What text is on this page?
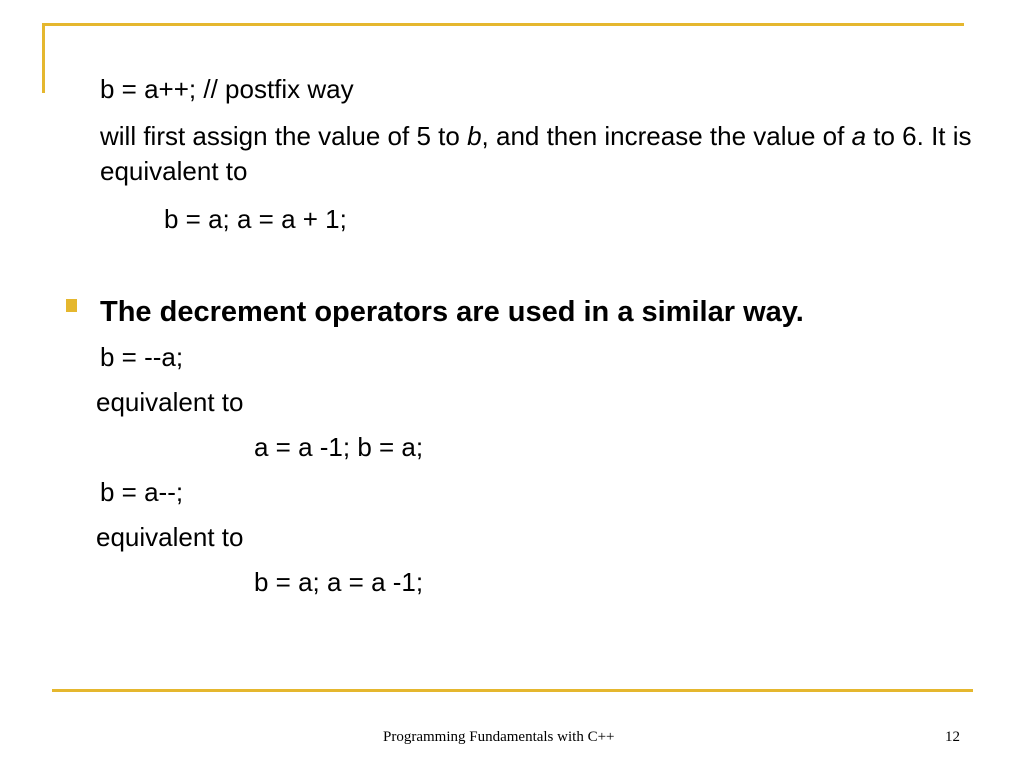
b = a++; // postfix way
will first assign the value of 5 to b, and then increase the value of a to 6. It is equivalent to
b = a; a = a + 1;
The decrement operators are used in a similar way.
b = --a;
equivalent to
a = a -1; b = a;
b = a--;
equivalent to
b = a; a = a -1;
Programming Fundamentals with C++	12
